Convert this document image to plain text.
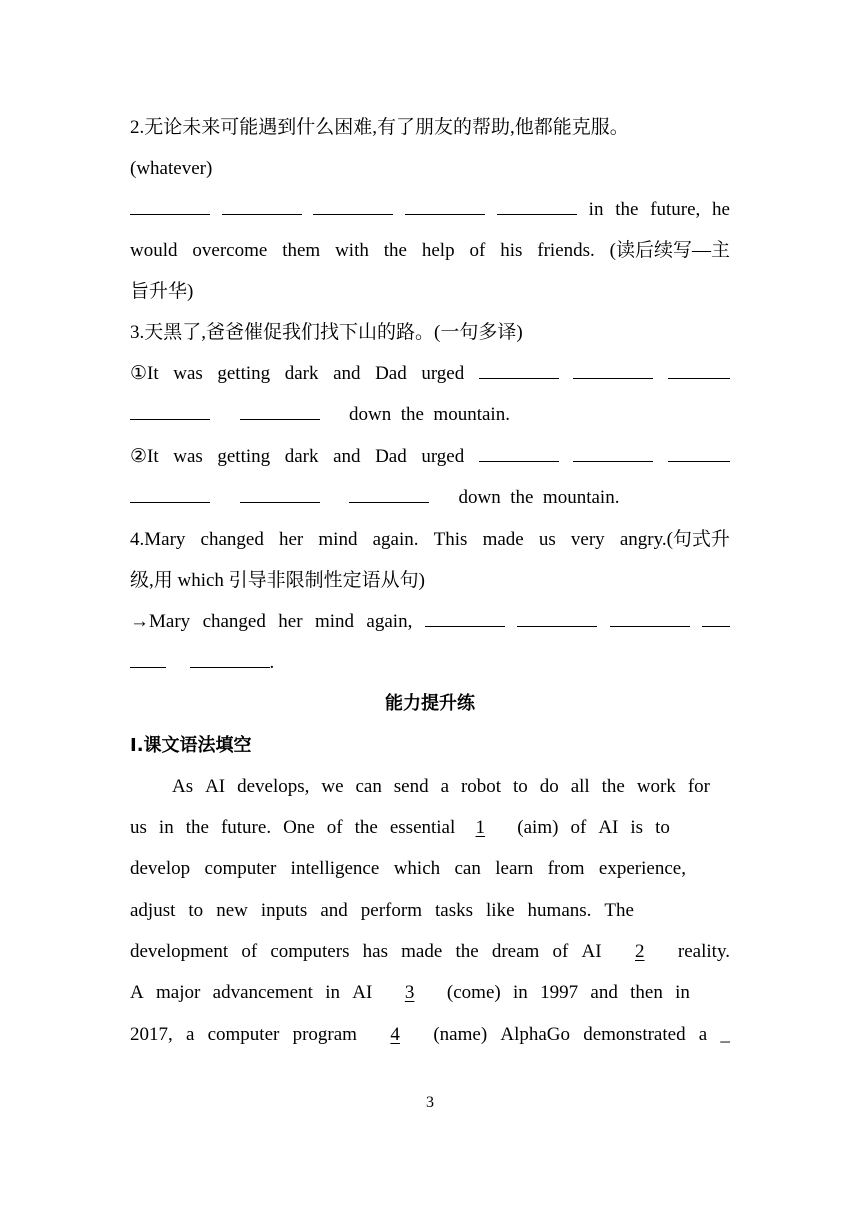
2.无论未来可能遇到什么困难,有了朋友的帮助,他都能克服。
(whatever)
in the future, he
would overcome them with the help of his friends. (读后续写—主
旨升华)
3.天黑了,爸爸催促我们找下山的路。(一句多译)
①It was getting dark and Dad urged
down  the  mountain.
②It was getting dark and Dad urged
down  the  mountain.
4.Mary changed her mind again. This made us very angry.(句式升
级,用 which 引导非限制性定语从句)
→Mary changed her mind again,
.
能力提升练
Ⅰ.课文语法填空
As AI develops, we can send a robot to do all the work for
us in the future. One of the essential 1	(aim) of AI is to
develop computer intelligence which can learn from experience,
adjust to new inputs and perform tasks like humans. The
development of computers has made the dream of AI	2	reality.
A major advancement in AI	3	(come) in 1997 and then in
2017, a computer program	4	(name) AlphaGo demonstrated a _
3
